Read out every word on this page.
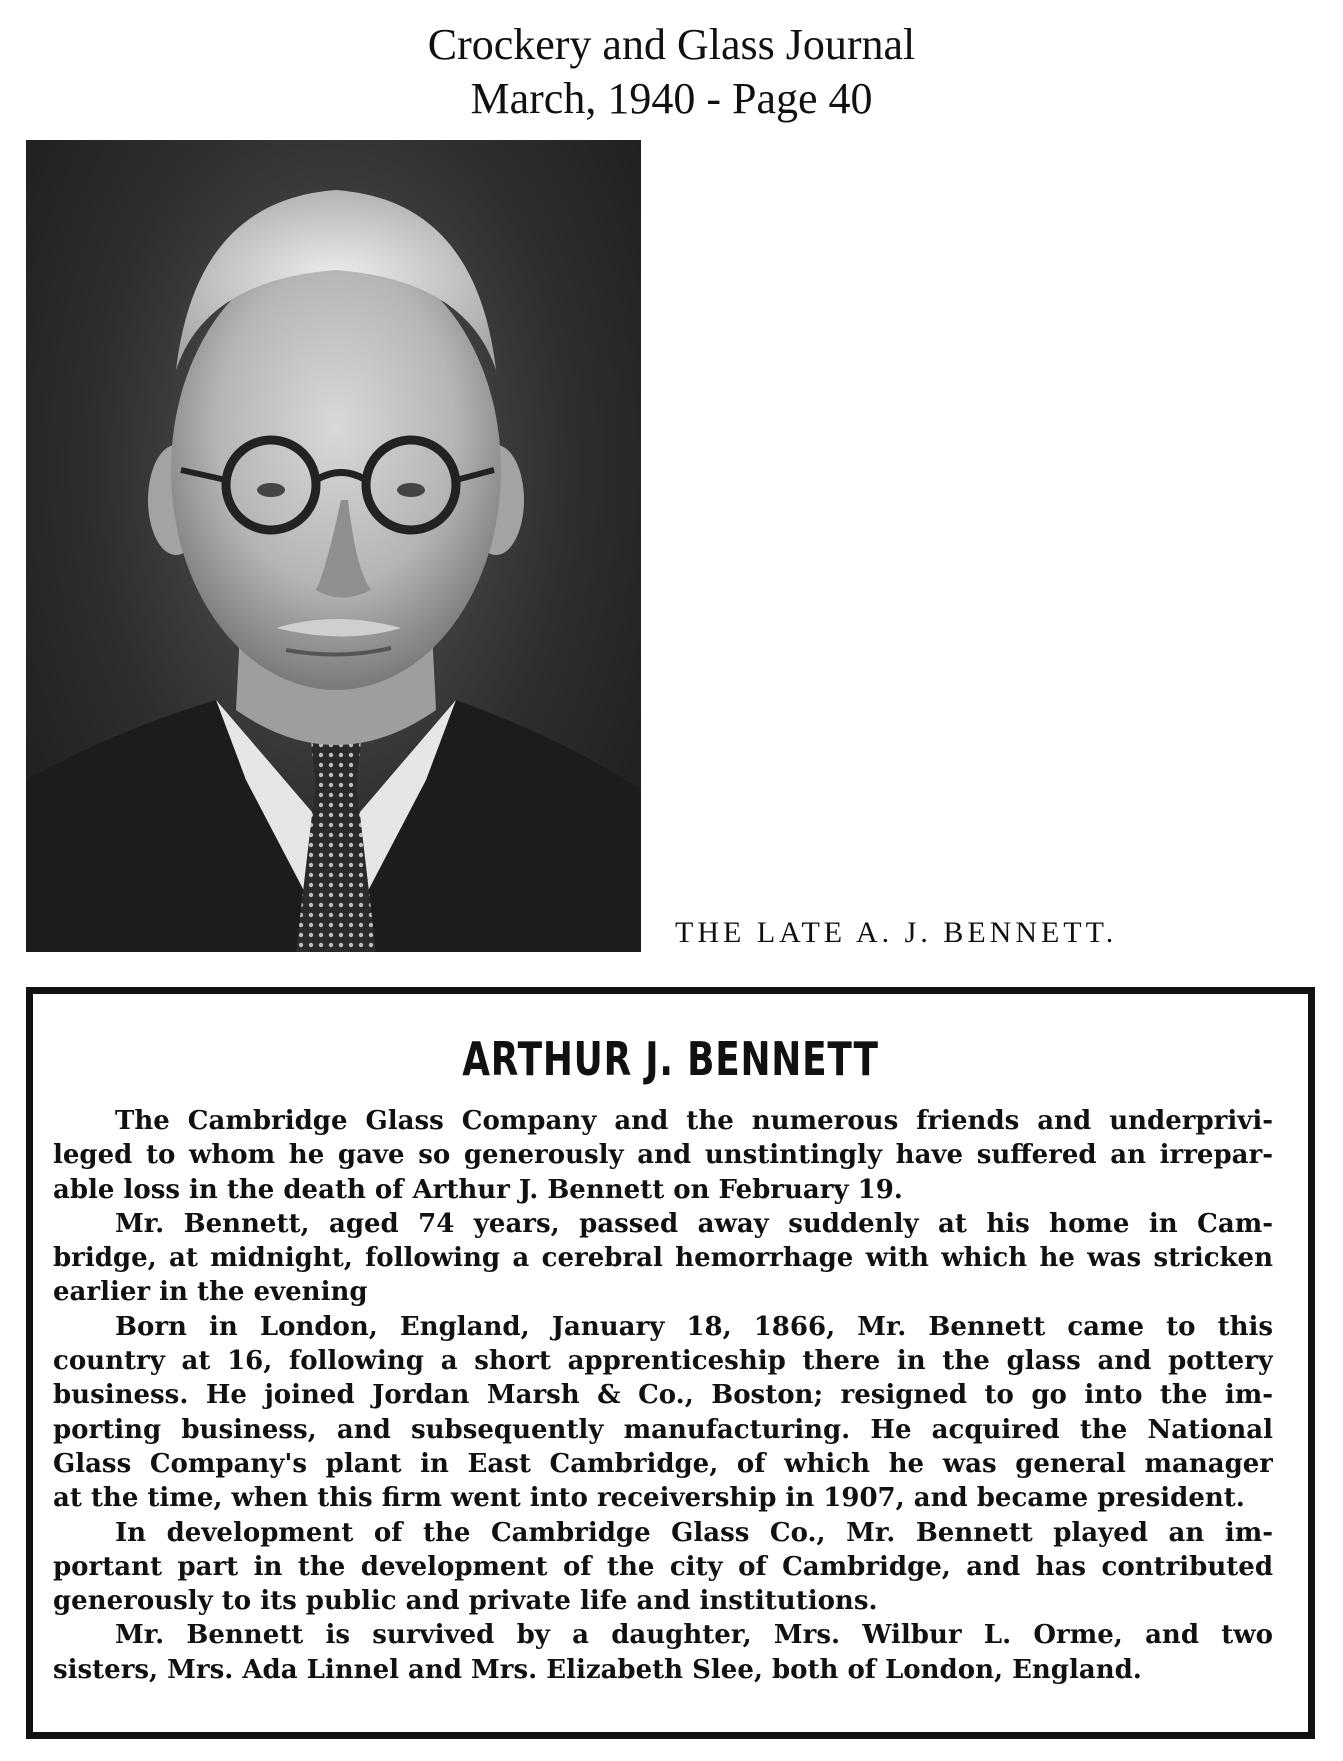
Crockery and Glass Journal
March, 1940 - Page 40
THE LATE A. J. BENNETT.
ARTHUR J. BENNETT
The Cambridge Glass Company and the numerous friends and underprivi-
leged to whom he gave so generously and unstintingly have suffered an irrepar-
able loss in the death of Arthur J. Bennett on February 19.
Mr. Bennett, aged 74 years, passed away suddenly at his home in Cam-
bridge, at midnight, following a cerebral hemorrhage with which he was stricken
earlier in the evening
Born in London, England, January 18, 1866, Mr. Bennett came to this
country at 16, following a short apprenticeship there in the glass and pottery
business. He joined Jordan Marsh & Co., Boston; resigned to go into the im-
porting business, and subsequently manufacturing. He acquired the National
Glass Company's plant in East Cambridge, of which he was general manager
at the time, when this firm went into receivership in 1907, and became president.
In development of the Cambridge Glass Co., Mr. Bennett played an im-
portant part in the development of the city of Cambridge, and has contributed
generously to its public and private life and institutions.
Mr. Bennett is survived by a daughter, Mrs. Wilbur L. Orme, and two
sisters, Mrs. Ada Linnel and Mrs. Elizabeth Slee, both of London, England.
